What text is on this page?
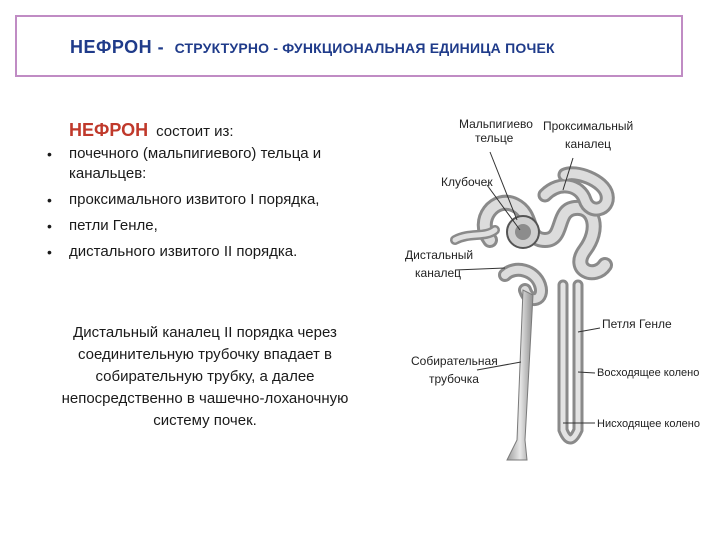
НЕФРОН - СТРУКТУРНО - ФУНКЦИОНАЛЬНАЯ ЕДИНИЦА ПОЧЕК
НЕФРОН состоит из:
• почечного (мальпигиевого) тельца и канальцев:
• проксимального извитого I порядка,
• петли Генле,
• дистального извитого II порядка.
Дистальный каналец II порядка через соединительную трубочку впадает в собирательную трубку, а далее непосредственно в чашечно-лоханочную систему почек.
Мальпигиево
тельце
Проксимальный
каналец
Клубочек
Дистальный
каналец
Петля Генле
Собирательная
трубочка	Восходящее колено
Нисходящее колено
